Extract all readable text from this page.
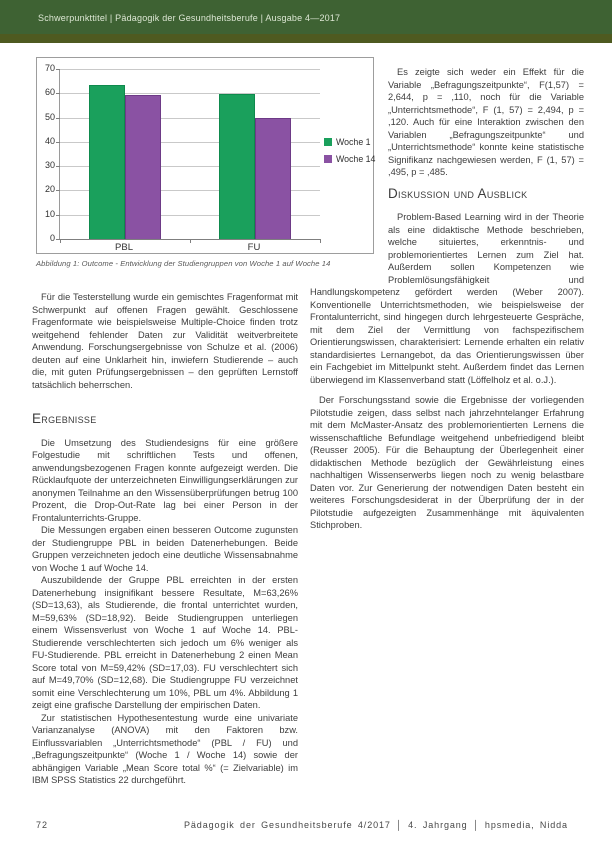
Schwerpunkttitel | Pädagogik der Gesundheitsberufe | Ausgabe 4—2017
0
10
20
30
40
50
60
70
PBL	FU
Woche 1
Woche 14
Abbildung 1: Outcome - Entwicklung der Studiengruppen von Woche 1 auf Woche 14

Für die Testerstellung wurde ein gemischtes Fragenformat mit Schwerpunkt auf offenen Fragen gewählt. Geschlossene Fragenformate wie beispielsweise Multiple-Choice finden trotz weitgehend fehlender Daten zur Validität weitverbreitete Anwendung. Forschungsergebnisse von Schulze et al. (2006) deuten auf eine Unklarheit hin, inwiefern Studierende – auch die, mit guten Prüfungsergebnissen – den geprüften Lernstoff tatsächlich beherrschen.

Ergebnisse

Die Umsetzung des Studiendesigns für eine größere Folgestudie mit schriftlichen Tests und offenen, anwendungsbezogenen Fragen konnte aufgezeigt werden. Die Rücklaufquote der unterzeichneten Einwilligungserklärungen zur anonymen Teilnahme an den Wissensüberprüfungen betrug 100 Prozent, die Drop-Out-Rate lag bei einer Person in der Frontalunterrichts-Gruppe.

Die Messungen ergaben einen besseren Outcome zugunsten der Studiengruppe PBL in beiden Datenerhebungen. Beide Gruppen verzeichneten jedoch eine deutliche Wissensabnahme von Woche 1 auf Woche 14.

Auszubildende der Gruppe PBL erreichten in der ersten Datenerhebung insignifikant bessere Resultate, M=63,26% (SD=13,63), als Studierende, die frontal unterrichtet wurden, M=59,63% (SD=18,92). Beide Studiengruppen unterliegen einem Wissensverlust von Woche 1 auf Woche 14. PBL-Studierende verschlechterten sich jedoch um 6% weniger als FU-Studierende. PBL erreicht in Datenerhebung 2 einen Mean Score total von M=59,42% (SD=17,03). FU verschlechtert sich auf M=49,70% (SD=12,68). Die Studiengruppe FU verzeichnet somit eine Verschlechterung um 10%, PBL um 4%. Abbildung 1 zeigt eine grafische Darstellung der empirischen Daten.

Zur statistischen Hypothesentestung wurde eine univariate Varianzanalyse (ANOVA) mit den Faktoren bzw. Einflussvariablen „Unterrichtsmethode“ (PBL / FU) und „Befragungszeitpunkte“ (Woche 1 / Woche 14) sowie der abhängigen Variable „Mean Score total %“ (= Zielvariable) im IBM SPSS Statistics 22 durchgeführt.

Es zeigte sich weder ein Effekt für die Variable „Befragungszeitpunkte“, F(1,57) = 2,644, p = ,110, noch für die Variable „Unterrichtsmethode“, F (1, 57) = 2,494, p = ,120. Auch für eine Interaktion zwischen den Variablen „Befragungszeitpunkte“ und „Unterrichtsmethode“ konnte keine statistische Signifikanz nachgewiesen werden, F (1, 57) = ,495, p = ,485.

Diskussion und Ausblick

Problem-Based Learning wird in der Theorie als eine didaktische Methode beschrieben, welche situiertes, erkenntnis- und problemorientiertes Lernen zum Ziel hat. Außerdem sollen Kompetenzen wie Problemlösungsfähigkeit und Handlungskompetenz gefördert werden (Weber 2007). Konventionelle Unterrichtsmethoden, wie beispielsweise der Frontalunterricht, sind hingegen durch lehrgesteuerte Gespräche, mit dem Ziel der Vermittlung von fachspezifischem Orientierungswissen, charakterisiert: Lernende erhalten ein relativ standardisiertes Lernangebot, da das Orientierungswissen über ein Fachgebiet im Mittelpunkt steht. Außerdem findet das Lernen überwiegend im Klassenverband statt (Löffelholz et al. o.J.).

Der Forschungsstand sowie die Ergebnisse der vorliegenden Pilotstudie zeigen, dass selbst nach jahrzehntelanger Erfahrung mit dem McMaster-Ansatz des problemorientierten Lernens die wissenschaftliche Befundlage weitgehend unbefriedigend bleibt (Reusser 2005). Für die Behauptung der Überlegenheit einer didaktischen Methode bezüglich der Gewährleistung eines nachhaltigen Wissenserwerbs liegen noch zu wenig belastbare Daten vor. Zur Generierung der notwendigen Daten besteht ein weiteres Forschungsdesiderat in der Überprüfung der in der Pilotstudie aufgezeigten Zusammenhänge mit äquivalenten Stichproben.

72	Pädagogik der Gesundheitsberufe 4/2017 │ 4. Jahrgang │ hpsmedia, Nidda
